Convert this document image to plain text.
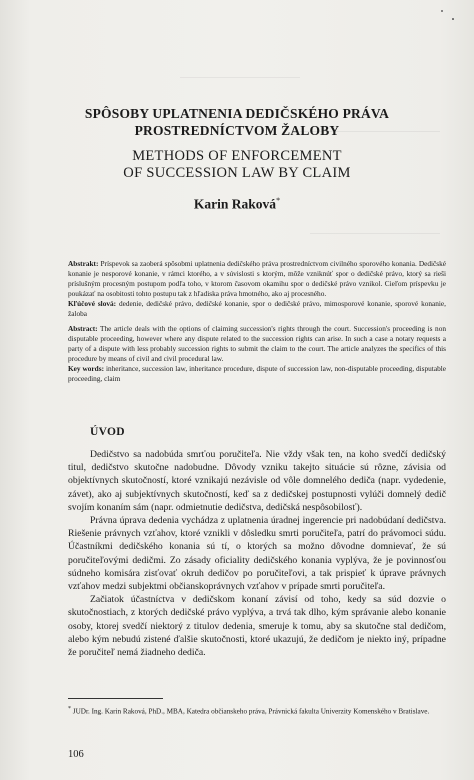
SPÔSOBY UPLATNENIA DEDIČSKÉHO PRÁVA
PROSTREDNÍCTVOM ŽALOBY
METHODS OF ENFORCEMENT
OF SUCCESSION LAW BY CLAIM
Karin Raková*
Abstrakt: Príspevok sa zaoberá spôsobmi uplatnenia dedičského práva prostredníctvom civilného sporového konania. Dedičské konanie je nesporové konanie, v rámci ktorého, a v súvislosti s ktorým, môže vzniknúť spor o dedičské právo, ktorý sa rieši príslušným procesným postupom podľa toho, v ktorom časovom okamihu spor o dedičské právo vznikol. Cieľom príspevku je poukázať na osobitosti tohto postupu tak z hľadiska práva hmotného, ako aj procesného.
Kľúčové slová: dedenie, dedičské právo, dedičské konanie, spor o dedičské právo, mimosporové konanie, sporové konanie, žaloba
Abstract: The article deals with the options of claiming succession's rights through the court. Succession's proceeding is non disputable proceeding, however where any dispute related to the succession rights can arise. In such a case a notary requests a party of a dispute with less probably succession rights to submit the claim to the court. The article analyzes the specifics of this procedure by means of civil and civil procedural law.
Key words: inheritance, succession law, inheritance procedure, dispute of succession law, non-disputable proceeding, disputable proceeding, claim
ÚVOD

Dedičstvo sa nadobúda smrťou poručiteľa. Nie vždy však ten, na koho svedčí dedičský titul, dedičstvo skutočne nadobudne. Dôvody vzniku takejto situácie sú rôzne, závisia od objektívnych skutočností, ktoré vznikajú nezávisle od vôle domnelého dediča (napr. vydedenie, závet), ako aj subjektívnych skutočností, keď sa z dedičskej postupnosti vylúči domnelý dedič svojím konaním sám (napr. odmietnutie dedičstva, dedičská nespôsobilosť).

Právna úprava dedenia vychádza z uplatnenia úradnej ingerencie pri nadobúdaní dedičstva. Riešenie právnych vzťahov, ktoré vznikli v dôsledku smrti poručiteľa, patrí do právomoci súdu. Účastníkmi dedičského konania sú tí, o ktorých sa možno dôvodne domnievať, že sú poručiteľovými dedičmi. Zo zásady oficiality dedičského konania vyplýva, že je povinnosťou súdneho komisára zisťovať okruh dedičov po poručiteľovi, a tak prispieť k úprave právnych vzťahov medzi subjektmi občianskoprávnych vzťahov v prípade smrti poručiteľa.

Začiatok účastníctva v dedičskom konaní závisí od toho, kedy sa súd dozvie o skutočnostiach, z ktorých dedičské právo vyplýva, a trvá tak dlho, kým správanie alebo konanie osoby, ktorej svedčí niektorý z titulov dedenia, smeruje k tomu, aby sa skutočne stal dedičom, alebo kým nebudú zistené ďalšie skutočnosti, ktoré ukazujú, že dedičom je niekto iný, prípadne že poručiteľ nemá žiadneho dediča.

* JUDr. Ing. Karin Raková, PhD., MBA, Katedra občianskeho práva, Právnická fakulta Univerzity Komenského v Bratislave.
106
